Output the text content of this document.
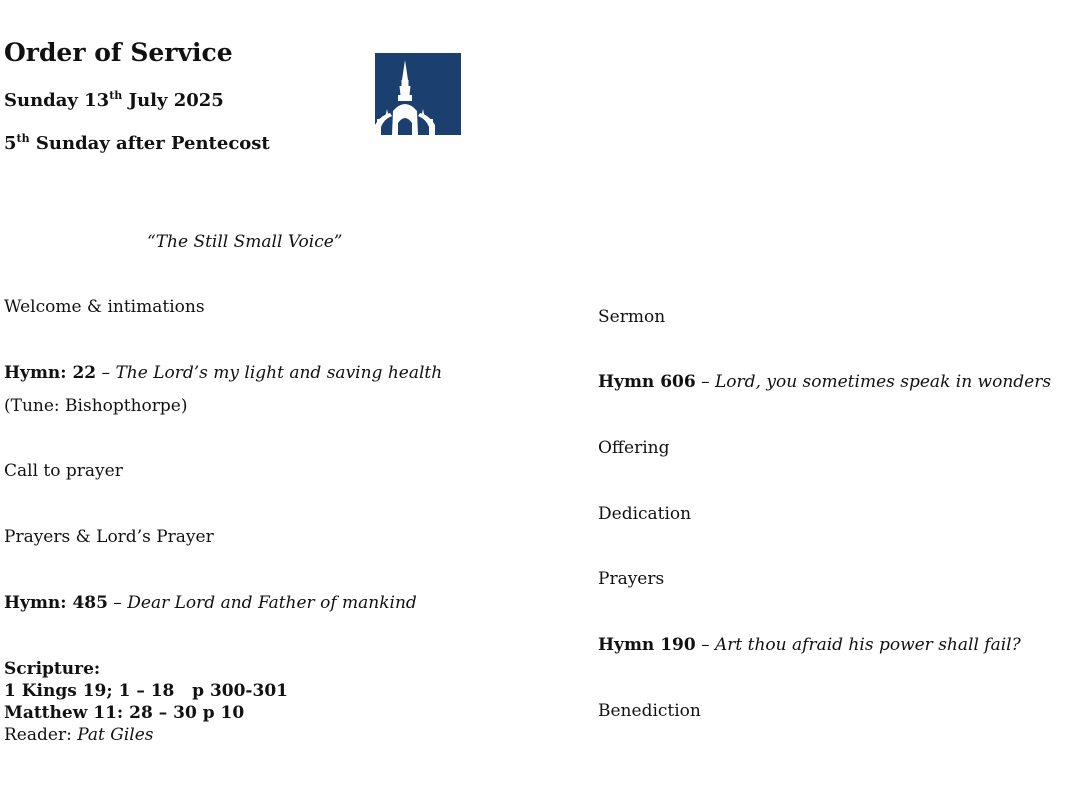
Order of Service
Sunday 13th July 2025
5th Sunday after Pentecost
“The Still Small Voice”
Welcome & intimations
Hymn: 22 – The Lord’s my light and saving health
(Tune: Bishopthorpe)
Call to prayer
Prayers & Lord’s Prayer
Hymn: 485 – Dear Lord and Father of mankind
Scripture:
1 Kings 19; 1 – 18   p 300-301
Matthew 11: 28 – 30 p 10
Reader: Pat Giles
Sermon
Hymn 606 – Lord, you sometimes speak in wonders
Offering
Dedication
Prayers
Hymn 190 – Art thou afraid his power shall fail?
Benediction
